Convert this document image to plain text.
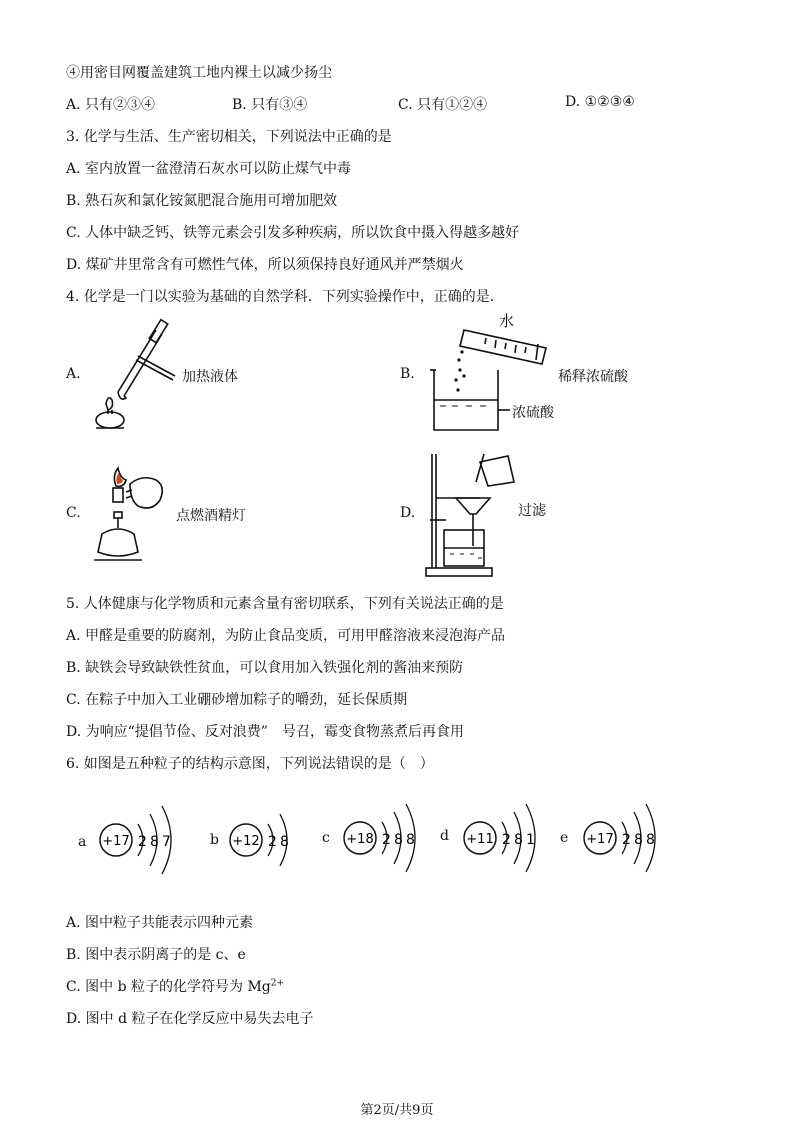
④用密目网覆盖建筑工地内裸土以减少扬尘
A. 只有②③④	B. 只有③④	C. 只有①②④	D. ①②③④
3. 化学与生活、生产密切相关，下列说法中正确的是
A. 室内放置一盆澄清石灰水可以防止煤气中毒
B. 熟石灰和氯化铵氮肥混合施用可增加肥效
C. 人体中缺乏钙、铁等元素会引发多种疾病，所以饮食中摄入得越多越好
D. 煤矿井里常含有可燃性气体，所以须保持良好通风并严禁烟火
4. 化学是一门以实验为基础的自然学科．下列实验操作中，正确的是．
A.	加热液体	B.
水
稀释浓硫酸
浓硫酸
C.	点燃酒精灯	D.	过滤
5. 人体健康与化学物质和元素含量有密切联系，下列有关说法正确的是
A. 甲醛是重要的防腐剂，为防止食品变质，可用甲醛溶液来浸泡海产品
B. 缺铁会导致缺铁性贫血，可以食用加入铁强化剂的酱油来预防
C. 在粽子中加入工业硼砂增加粽子的嚼劲，延长保质期
D. 为响应“提倡节俭、反对浪费”　号召，霉变食物蒸煮后再食用
6. 如图是五种粒子的结构示意图，下列说法错误的是（　）
a +17 2 8 7	b +12 2 8 c +18 2 8 8 d +11 2 8 1 e +17 2 8 8
A. 图中粒子共能表示四种元素
B. 图中表示阴离子的是 c、e
C. 图中 b 粒子的化学符号为 $Mg^{2+}$
D. 图中 d 粒子在化学反应中易失去电子
第2页/共9页
